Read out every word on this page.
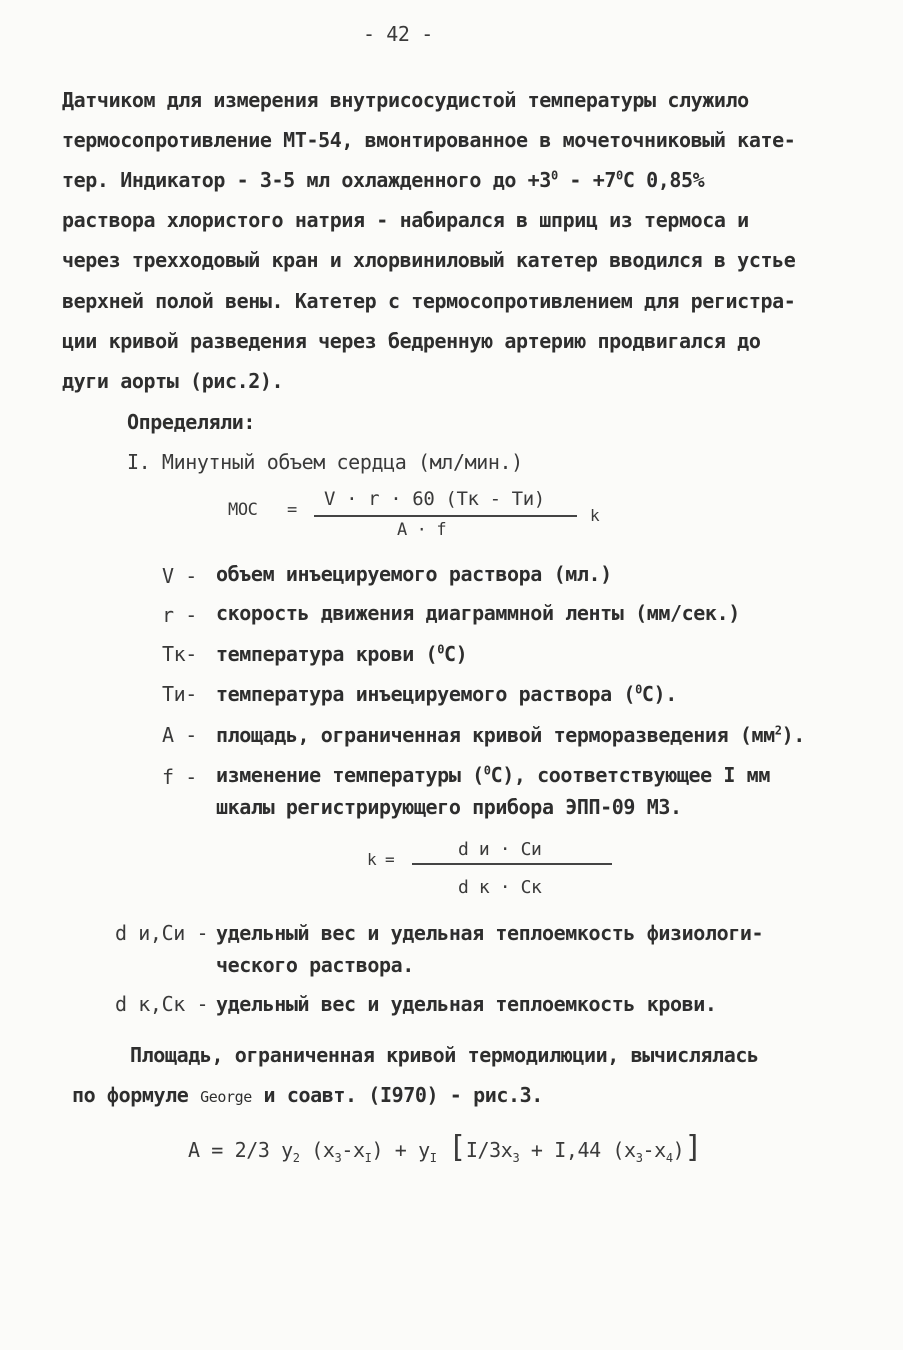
- 42 -
Датчиком для измерения внутрисосудистой температуры служило
термосопротивление МТ-54, вмонтированное в мочеточниковый кате-
тер. Индикатор - 3-5 мл охлажденного до $+3^0 - +7^0C$ 0,85%
раствора хлористого натрия - набирался в шприц из термоса и
через трехходовый кран и хлорвиниловый катетер вводился в устье
верхней полой вены. Катетер с термосопротивлением для регистра-
ции кривой разведения через бедренную артерию продвигался до
дуги аорты (рис.2).
Определяли:
I. Минутный объем сердца (мл/мин.)
МОС = V · r · 60 (Тк - Ти)
A · f
k
V - объем инъецируемого раствора (мл.)
r - скорость движения диаграммной ленты (мм/сек.)
Тк- температура крови ($^0$С)
Ти- температура инъецируемого раствора ($^0$С).
A - площадь, ограниченная кривой терморазведения $(мм^2)$.
f - изменение температуры ($^0$С), соответствующее I мм
шкалы регистрирующего прибора ЭПП-09 МЗ.
k =	d и · Си
d к · Ск
d и,Си - удельный вес и удельная теплоемкость физиологи-
ческого раствора.
d к,Ск - удельный вес и удельная теплоемкость крови.
Площадь, ограниченная кривой термодилюции, вычислялась
по формуле George и соавт. (I970) - рис.3.
A = 2/3 $y_2$ $(x_3-x_I) + y_I$ [$I/3x_3 + I,44$ $(x_3-x_4)$]
